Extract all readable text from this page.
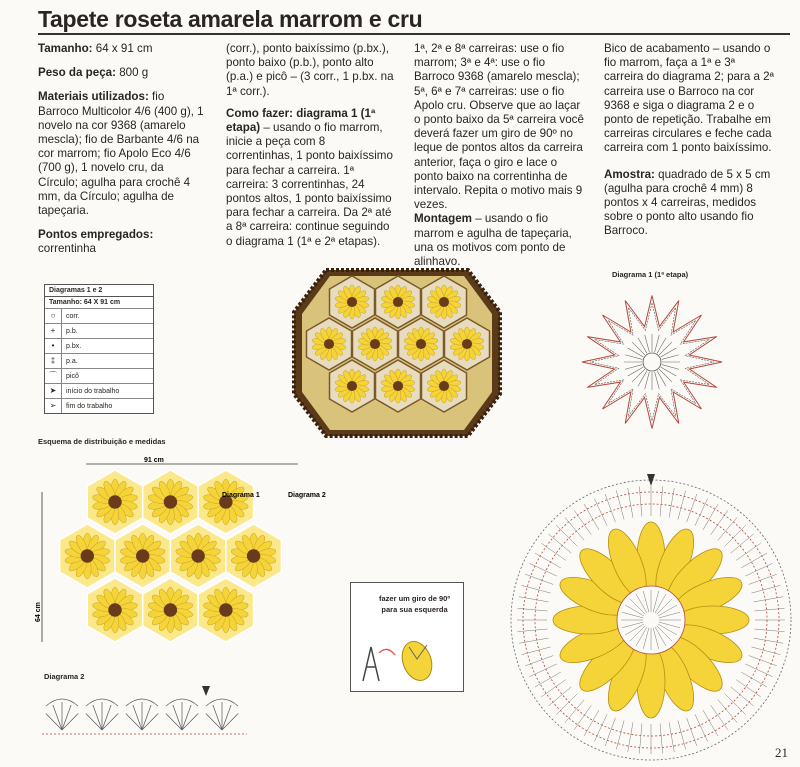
Tapete roseta amarela marrom e cru

Tamanho: 64 x 91 cm

Peso da peça: 800 g

Materiais utilizados: fio Barroco Multicolor 4/6 (400 g), 1 novelo na cor 9368 (amarelo mescla); fio de Barbante 4/6 na cor marrom; fio Apolo Eco 4/6 (700 g), 1 novelo cru, da Círculo; agulha para crochê 4 mm, da Círculo; agulha de tapeçaria.

Pontos empregados: correntinha

(corr.), ponto baixíssimo (p.bx.), ponto baixo (p.b.), ponto alto (p.a.) e picô – (3 corr., 1 p.bx. na 1ª corr.).

Como fazer: diagrama 1 (1ª etapa) – usando o fio marrom, inicie a peça com 8 correntinhas, 1 ponto baixíssimo para fechar a carreira. 1ª carreira: 3 correntinhas, 24 pontos altos, 1 ponto baixíssimo para fechar a carreira. Da 2ª até a 8ª carreira: continue seguindo o diagrama 1 (1ª e 2ª etapas).

1ª, 2ª e 8ª carreiras: use o fio marrom; 3ª e 4ª: use o fio Barroco 9368 (amarelo mescla); 5ª, 6ª e 7ª carreiras: use o fio Apolo cru. Observe que ao laçar o ponto baixo da 5ª carreira você deverá fazer um giro de 90º no leque de pontos altos da carreira anterior, faça o giro e lace o ponto baixo na correntinha de intervalo. Repita o motivo mais 9 vezes.

Montagem – usando o fio marrom e agulha de tapeçaria, una os motivos com ponto de alinhavo.

Bico de acabamento – usando o fio marrom, faça a 1ª e 3ª carreira do diagrama 2; para a 2ª carreira use o Barroco na cor 9368 e siga o diagrama 2 e o ponto de repetição. Trabalhe em carreiras circulares e feche cada carreira com 1 ponto baixíssimo.

Amostra: quadrado de 5 x 5 cm (agulha para crochê 4 mm) 8 pontos x 4 carreiras, medidos sobre o ponto alto usando fio Barroco.

Diagramas 1 e 2
Tamanho: 64 X 91 cm
○	corr.
+	p.b.
•	p.bx.
‡	p.a.
⌒	picô
➤	início do trabalho
➢	fim do trabalho
Diagrama 1 (1ª etapa)
Esquema de distribuição e medidas
91 cm
64 cm
Diagrama 1	Diagrama 2
fazer um giro de 90º
para sua esquerda
Diagrama 2
21
